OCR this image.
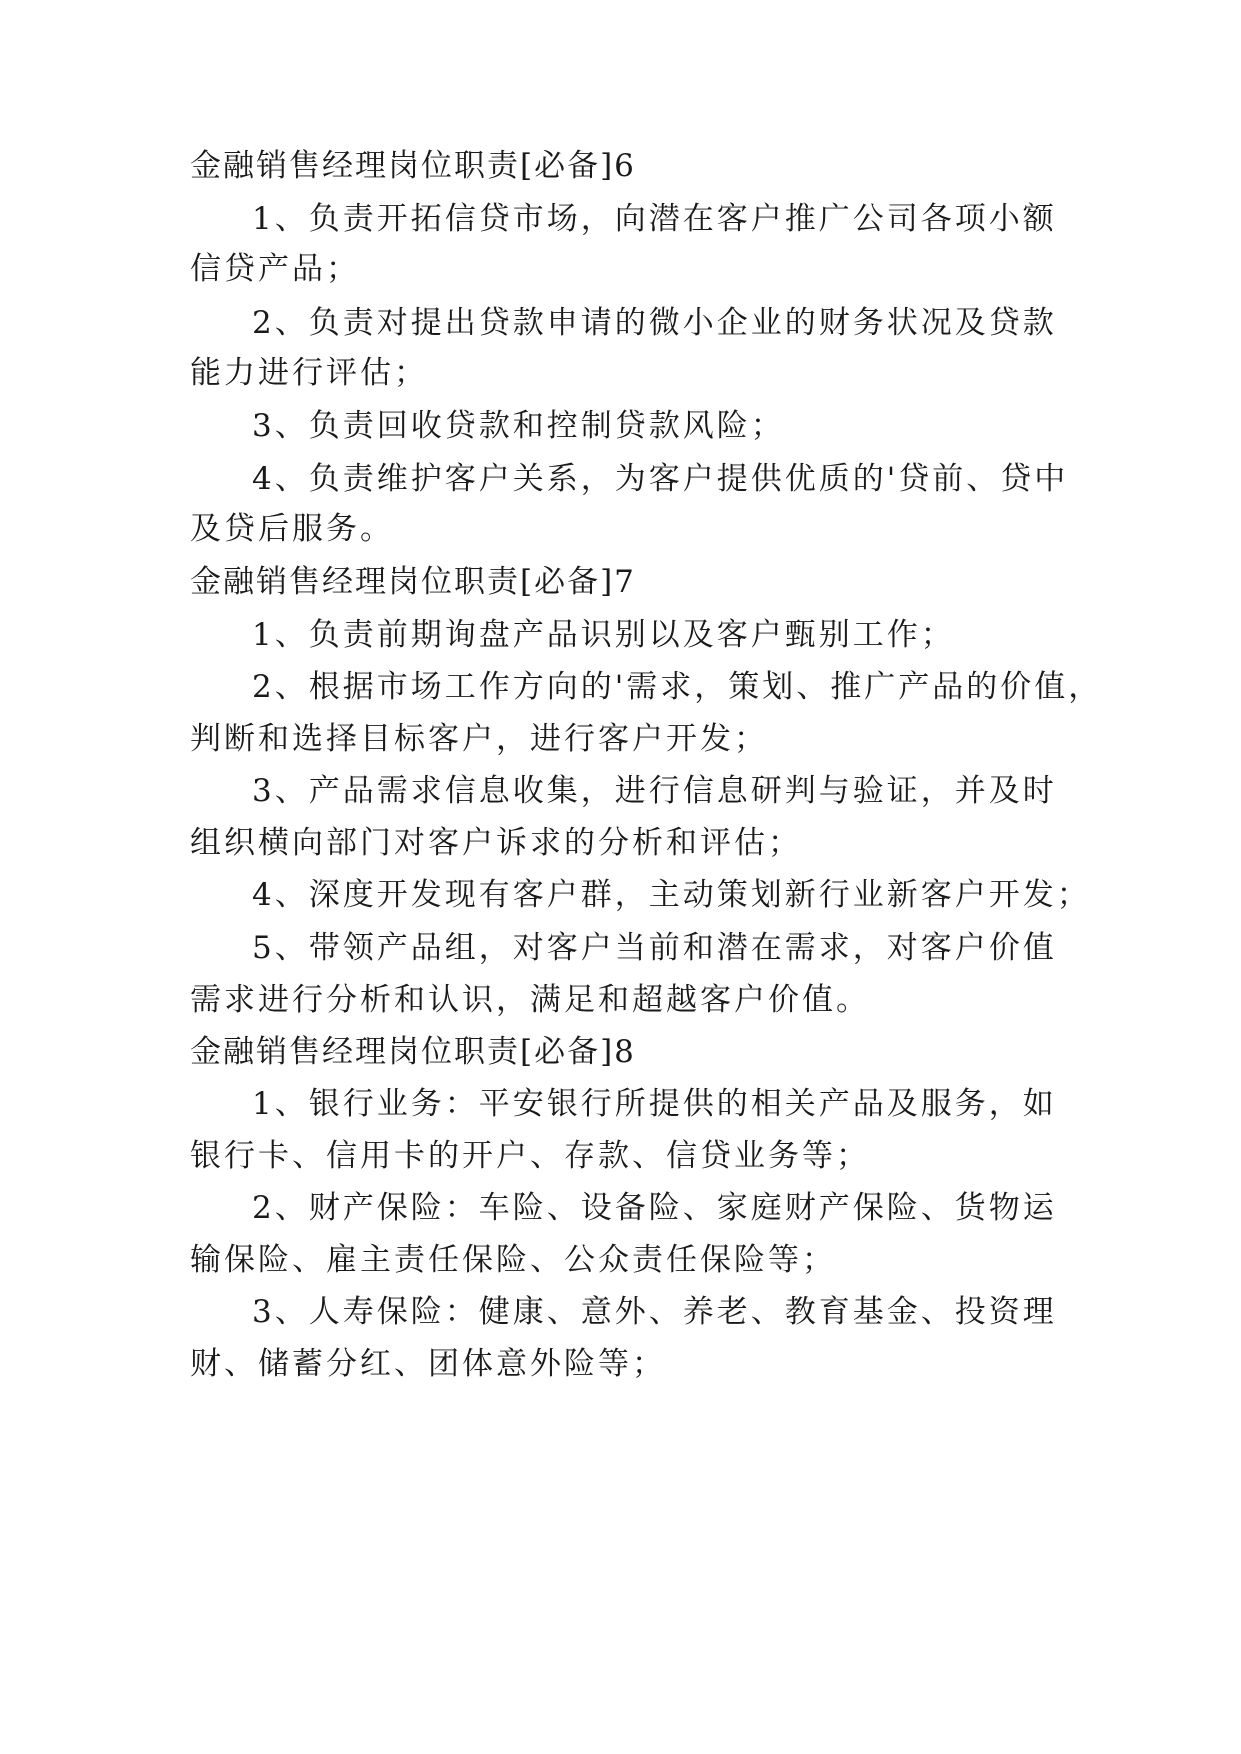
金融销售经理岗位职责[必备]6

1、负责开拓信贷市场，向潜在客户推广公司各项小额

信贷产品；

2、负责对提出贷款申请的微小企业的财务状况及贷款

能力进行评估；

3、负责回收贷款和控制贷款风险；

4、负责维护客户关系，为客户提供优质的'贷前、贷中

及贷后服务。

金融销售经理岗位职责[必备]7

1、负责前期询盘产品识别以及客户甄别工作；

2、根据市场工作方向的'需求，策划、推广产品的价值，

判断和选择目标客户，进行客户开发；

3、产品需求信息收集，进行信息研判与验证，并及时

组织横向部门对客户诉求的分析和评估；

4、深度开发现有客户群，主动策划新行业新客户开发；

5、带领产品组，对客户当前和潜在需求，对客户价值

需求进行分析和认识，满足和超越客户价值。

金融销售经理岗位职责[必备]8

1、银行业务：平安银行所提供的相关产品及服务，如

银行卡、信用卡的开户、存款、信贷业务等；

2、财产保险：车险、设备险、家庭财产保险、货物运

输保险、雇主责任保险、公众责任保险等；

3、人寿保险：健康、意外、养老、教育基金、投资理

财、储蓄分红、团体意外险等；
